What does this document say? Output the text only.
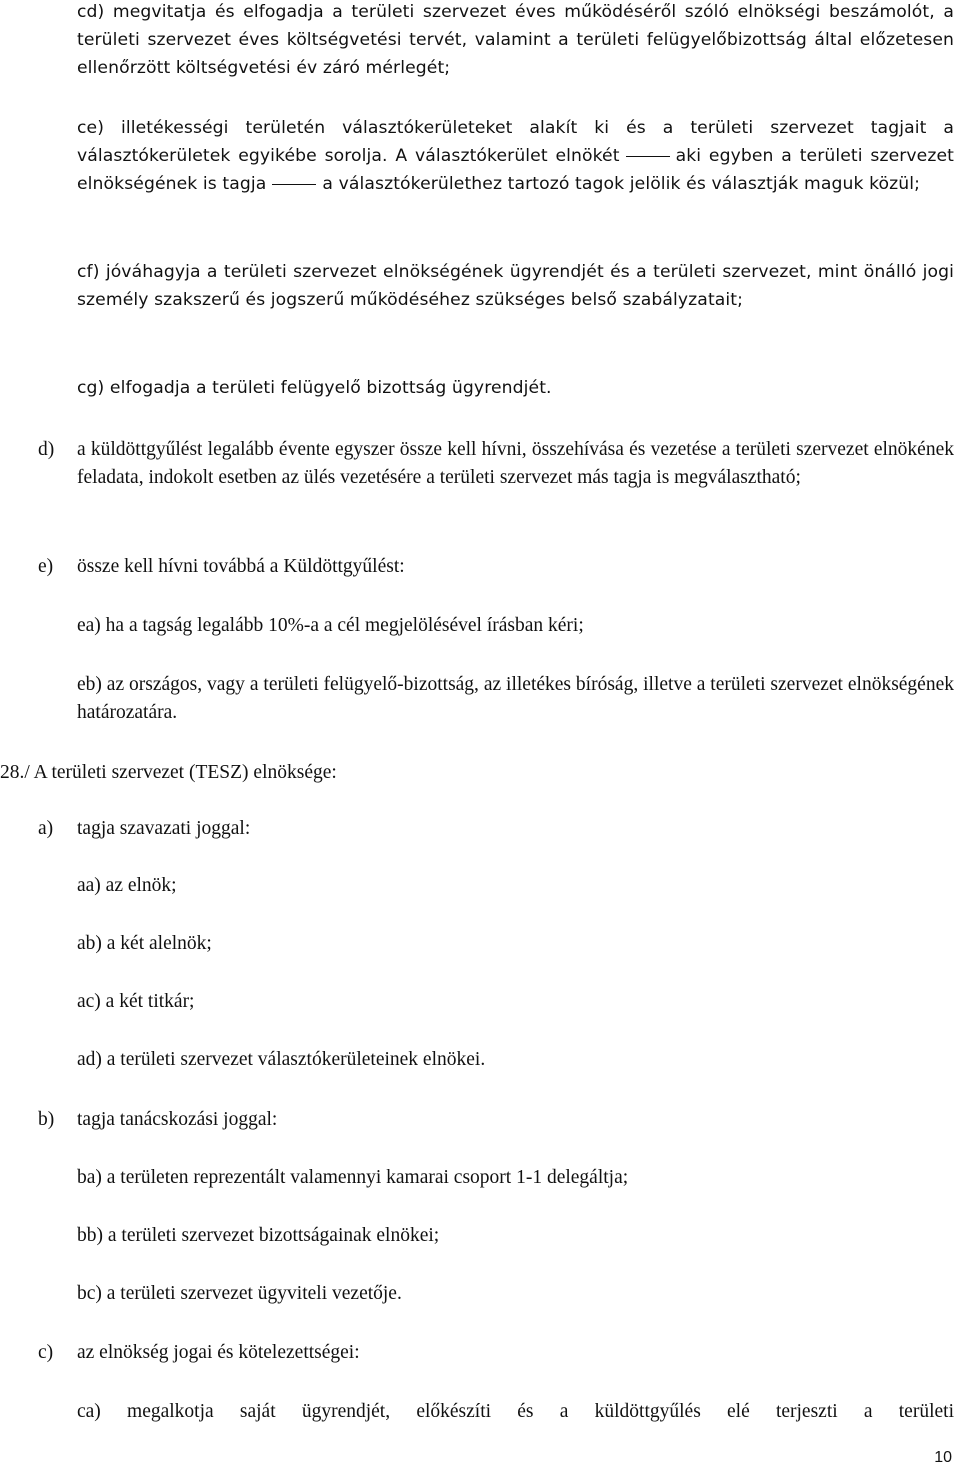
cd) megvitatja és elfogadja a területi szervezet éves működéséről szóló elnökségi beszámolót, a területi szervezet éves költségvetési tervét, valamint a területi felügyelőbizottság által előzetesen ellenőrzött költségvetési év záró mérlegét;

ce) illetékességi területén választókerületeket alakít ki és a területi szervezet tagjait a választókerületek egyikébe sorolja. A választókerület elnökét	aki egyben a területi szervezet elnökségének is tagja	a választókerülethez tartozó tagok jelölik és választják maguk közül;

cf) jóváhagyja a területi szervezet elnökségének ügyrendjét és a területi szervezet, mint önálló jogi személy szakszerű és jogszerű működéséhez szükséges belső szabályzatait;

cg) elfogadja a területi felügyelő bizottság ügyrendjét.

d) a küldöttgyűlést legalább évente egyszer össze kell hívni, összehívása és vezetése a területi szervezet elnökének feladata, indokolt esetben az ülés vezetésére a területi szervezet más tagja is megválasztható;

e) össze kell hívni továbbá a Küldöttgyűlést:

ea) ha a tagság legalább 10%-a a cél megjelölésével írásban kéri;

eb) az országos, vagy a területi felügyelő-bizottság, az illetékes bíróság, illetve a területi szervezet elnökségének határozatára.

28./ A területi szervezet (TESZ) elnöksége:

a) tagja szavazati joggal:

aa) az elnök;

ab) a két alelnök;

ac) a két titkár;

ad) a területi szervezet választókerületeinek elnökei.

b) tagja tanácskozási joggal:

ba) a területen reprezentált valamennyi kamarai csoport 1-1 delegáltja;

bb) a területi szervezet bizottságainak elnökei;

bc) a területi szervezet ügyviteli vezetője.

c) az elnökség jogai és kötelezettségei:

ca) megalkotja saját ügyrendjét, előkészíti és a küldöttgyűlés elé terjeszti a területi

10
